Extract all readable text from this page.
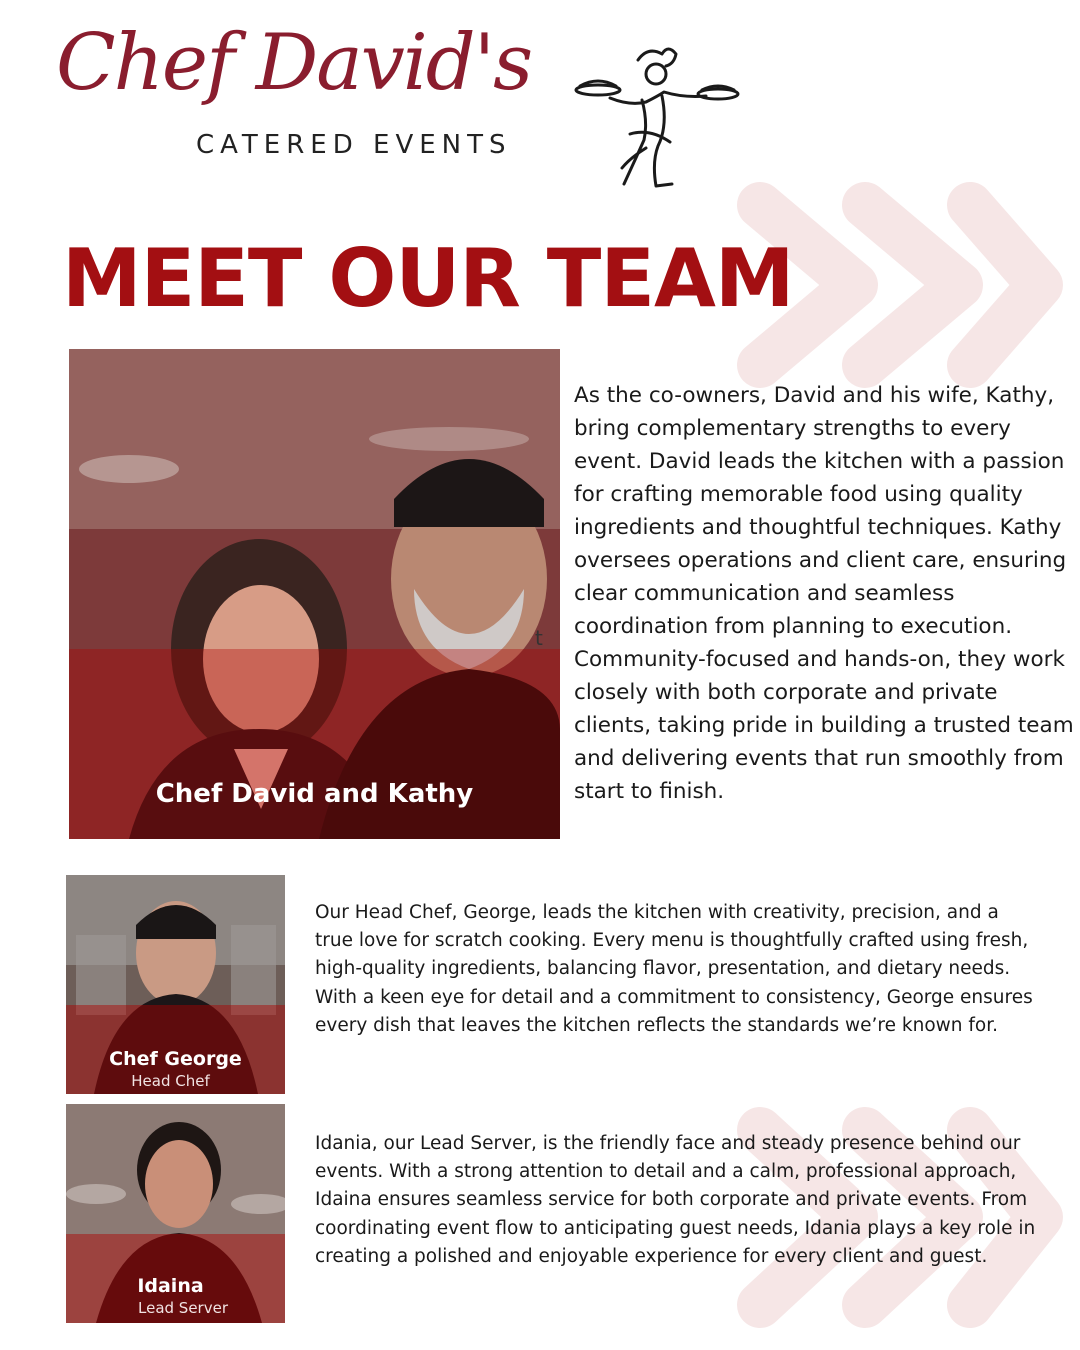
Chef David's
CATERED EVENTS
MEET OUR TEAM
Chef David and Kathy
t

As the co-owners, David and his wife, Kathy, bring complementary strengths to every event. David leads the kitchen with a passion for crafting memorable food using quality ingredients and thoughtful techniques. Kathy oversees operations and client care, ensuring clear communication and seamless coordination from planning to execution. Community-focused and hands-on, they work closely with both corporate and private clients, taking pride in building a trusted team and delivering events that run smoothly from start to finish.

Chef George
Head Chef

Our Head Chef, George, leads the kitchen with creativity, precision, and a true love for scratch cooking. Every menu is thoughtfully crafted using fresh, high-quality ingredients, balancing flavor, presentation, and dietary needs. With a keen eye for detail and a commitment to consistency, George ensures every dish that leaves the kitchen reflects the standards we’re known for.

Idaina
Lead Server

Idania, our Lead Server, is the friendly face and steady presence behind our events. With a strong attention to detail and a calm, professional approach, Idaina ensures seamless service for both corporate and private events. From coordinating event flow to anticipating guest needs, Idania plays a key role in creating a polished and enjoyable experience for every client and guest.
